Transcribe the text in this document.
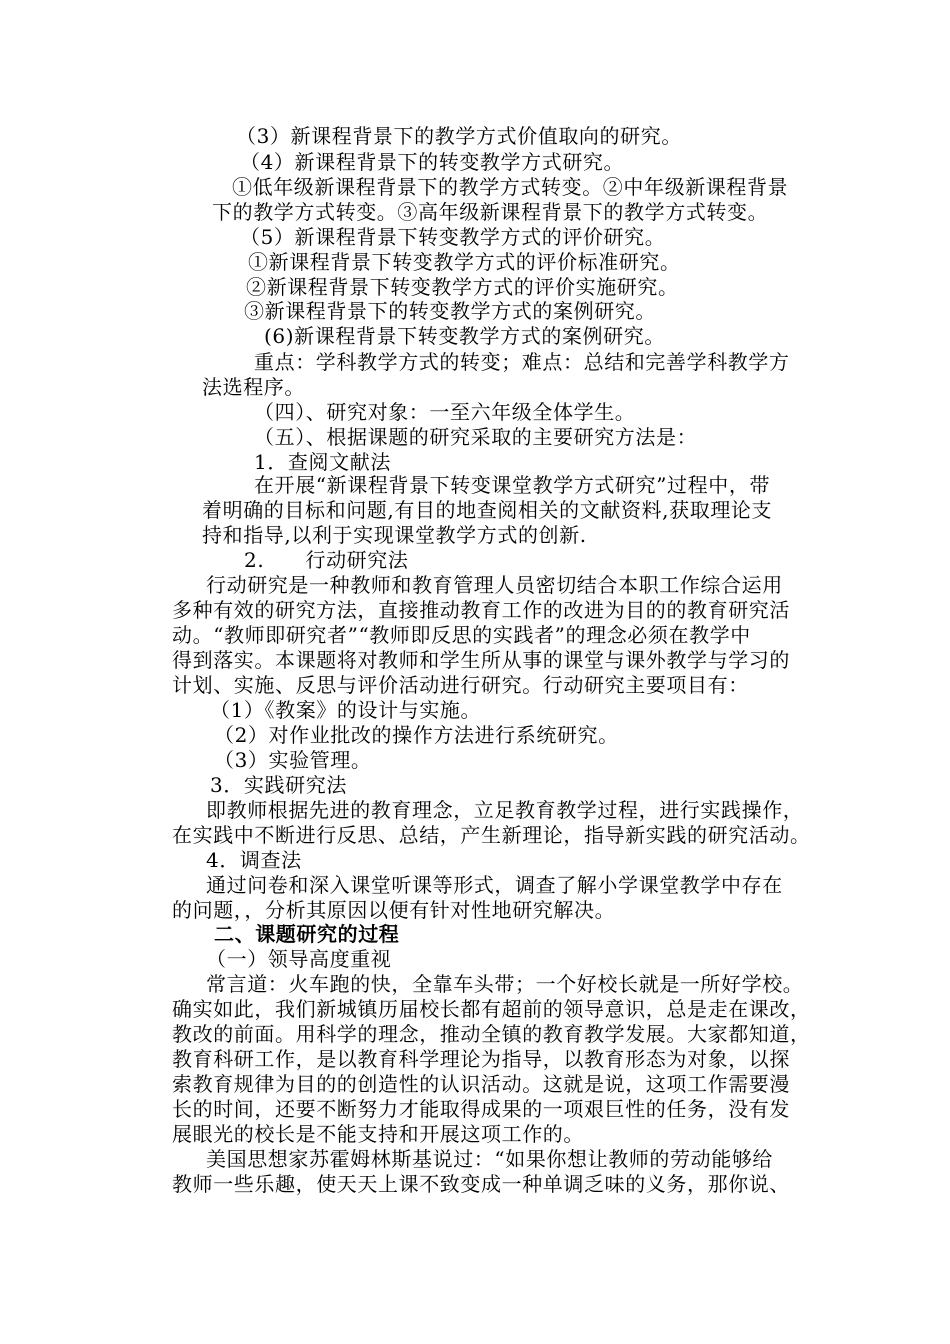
（3）新课程背景下的教学方式价值取向的研究。
（4）新课程背景下的转变教学方式研究。
①低年级新课程背景下的教学方式转变。②中年级新课程背景
下的教学方式转变。③高年级新课程背景下的教学方式转变。
（5）新课程背景下转变教学方式的评价研究。
①新课程背景下转变教学方式的评价标准研究。
②新课程背景下转变教学方式的评价实施研究。
③新课程背景下的转变教学方式的案例研究。
(6)新课程背景下转变教学方式的案例研究。
重点：学科教学方式的转变；难点：总结和完善学科教学方
法选程序。
（四）、研究对象：一至六年级全体学生。
（五）、根据课题的研究采取的主要研究方法是：
1．查阅文献法
在开展“新课程背景下转变课堂教学方式研究”过程中，带
着明确的目标和问题,有目的地查阅相关的文献资料,获取理论支
持和指导,以利于实现课堂教学方式的创新.
2.　　行动研究法
行动研究是一种教师和教育管理人员密切结合本职工作综合运用
多种有效的研究方法，直接推动教育工作的改进为目的的教育研究活
动。“教师即研究者”“教师即反思的实践者”的理念必须在教学中
得到落实。本课题将对教师和学生所从事的课堂与课外教学与学习的
计划、实施、反思与评价活动进行研究。行动研究主要项目有：
（1）《教案》的设计与实施。
（2）对作业批改的操作方法进行系统研究。
（3）实验管理。
3．实践研究法
即教师根据先进的教育理念，立足教育教学过程，进行实践操作，
在实践中不断进行反思、总结，产生新理论，指导新实践的研究活动。
4．调查法
通过问卷和深入课堂听课等形式，调查了解小学课堂教学中存在
的问题，，分析其原因以便有针对性地研究解决。
二、课题研究的过程
（一）领导高度重视
常言道：火车跑的快，全靠车头带；一个好校长就是一所好学校。
确实如此，我们新城镇历届校长都有超前的领导意识，总是走在课改，
教改的前面。用科学的理念，推动全镇的教育教学发展。大家都知道，
教育科研工作，是以教育科学理论为指导，以教育形态为对象，以探
索教育规律为目的的创造性的认识活动。这就是说，这项工作需要漫
长的时间，还要不断努力才能取得成果的一项艰巨性的任务，没有发
展眼光的校长是不能支持和开展这项工作的。
美国思想家苏霍姆林斯基说过：“如果你想让教师的劳动能够给
教师一些乐趣，使天天上课不致变成一种单调乏味的义务，那你说、
